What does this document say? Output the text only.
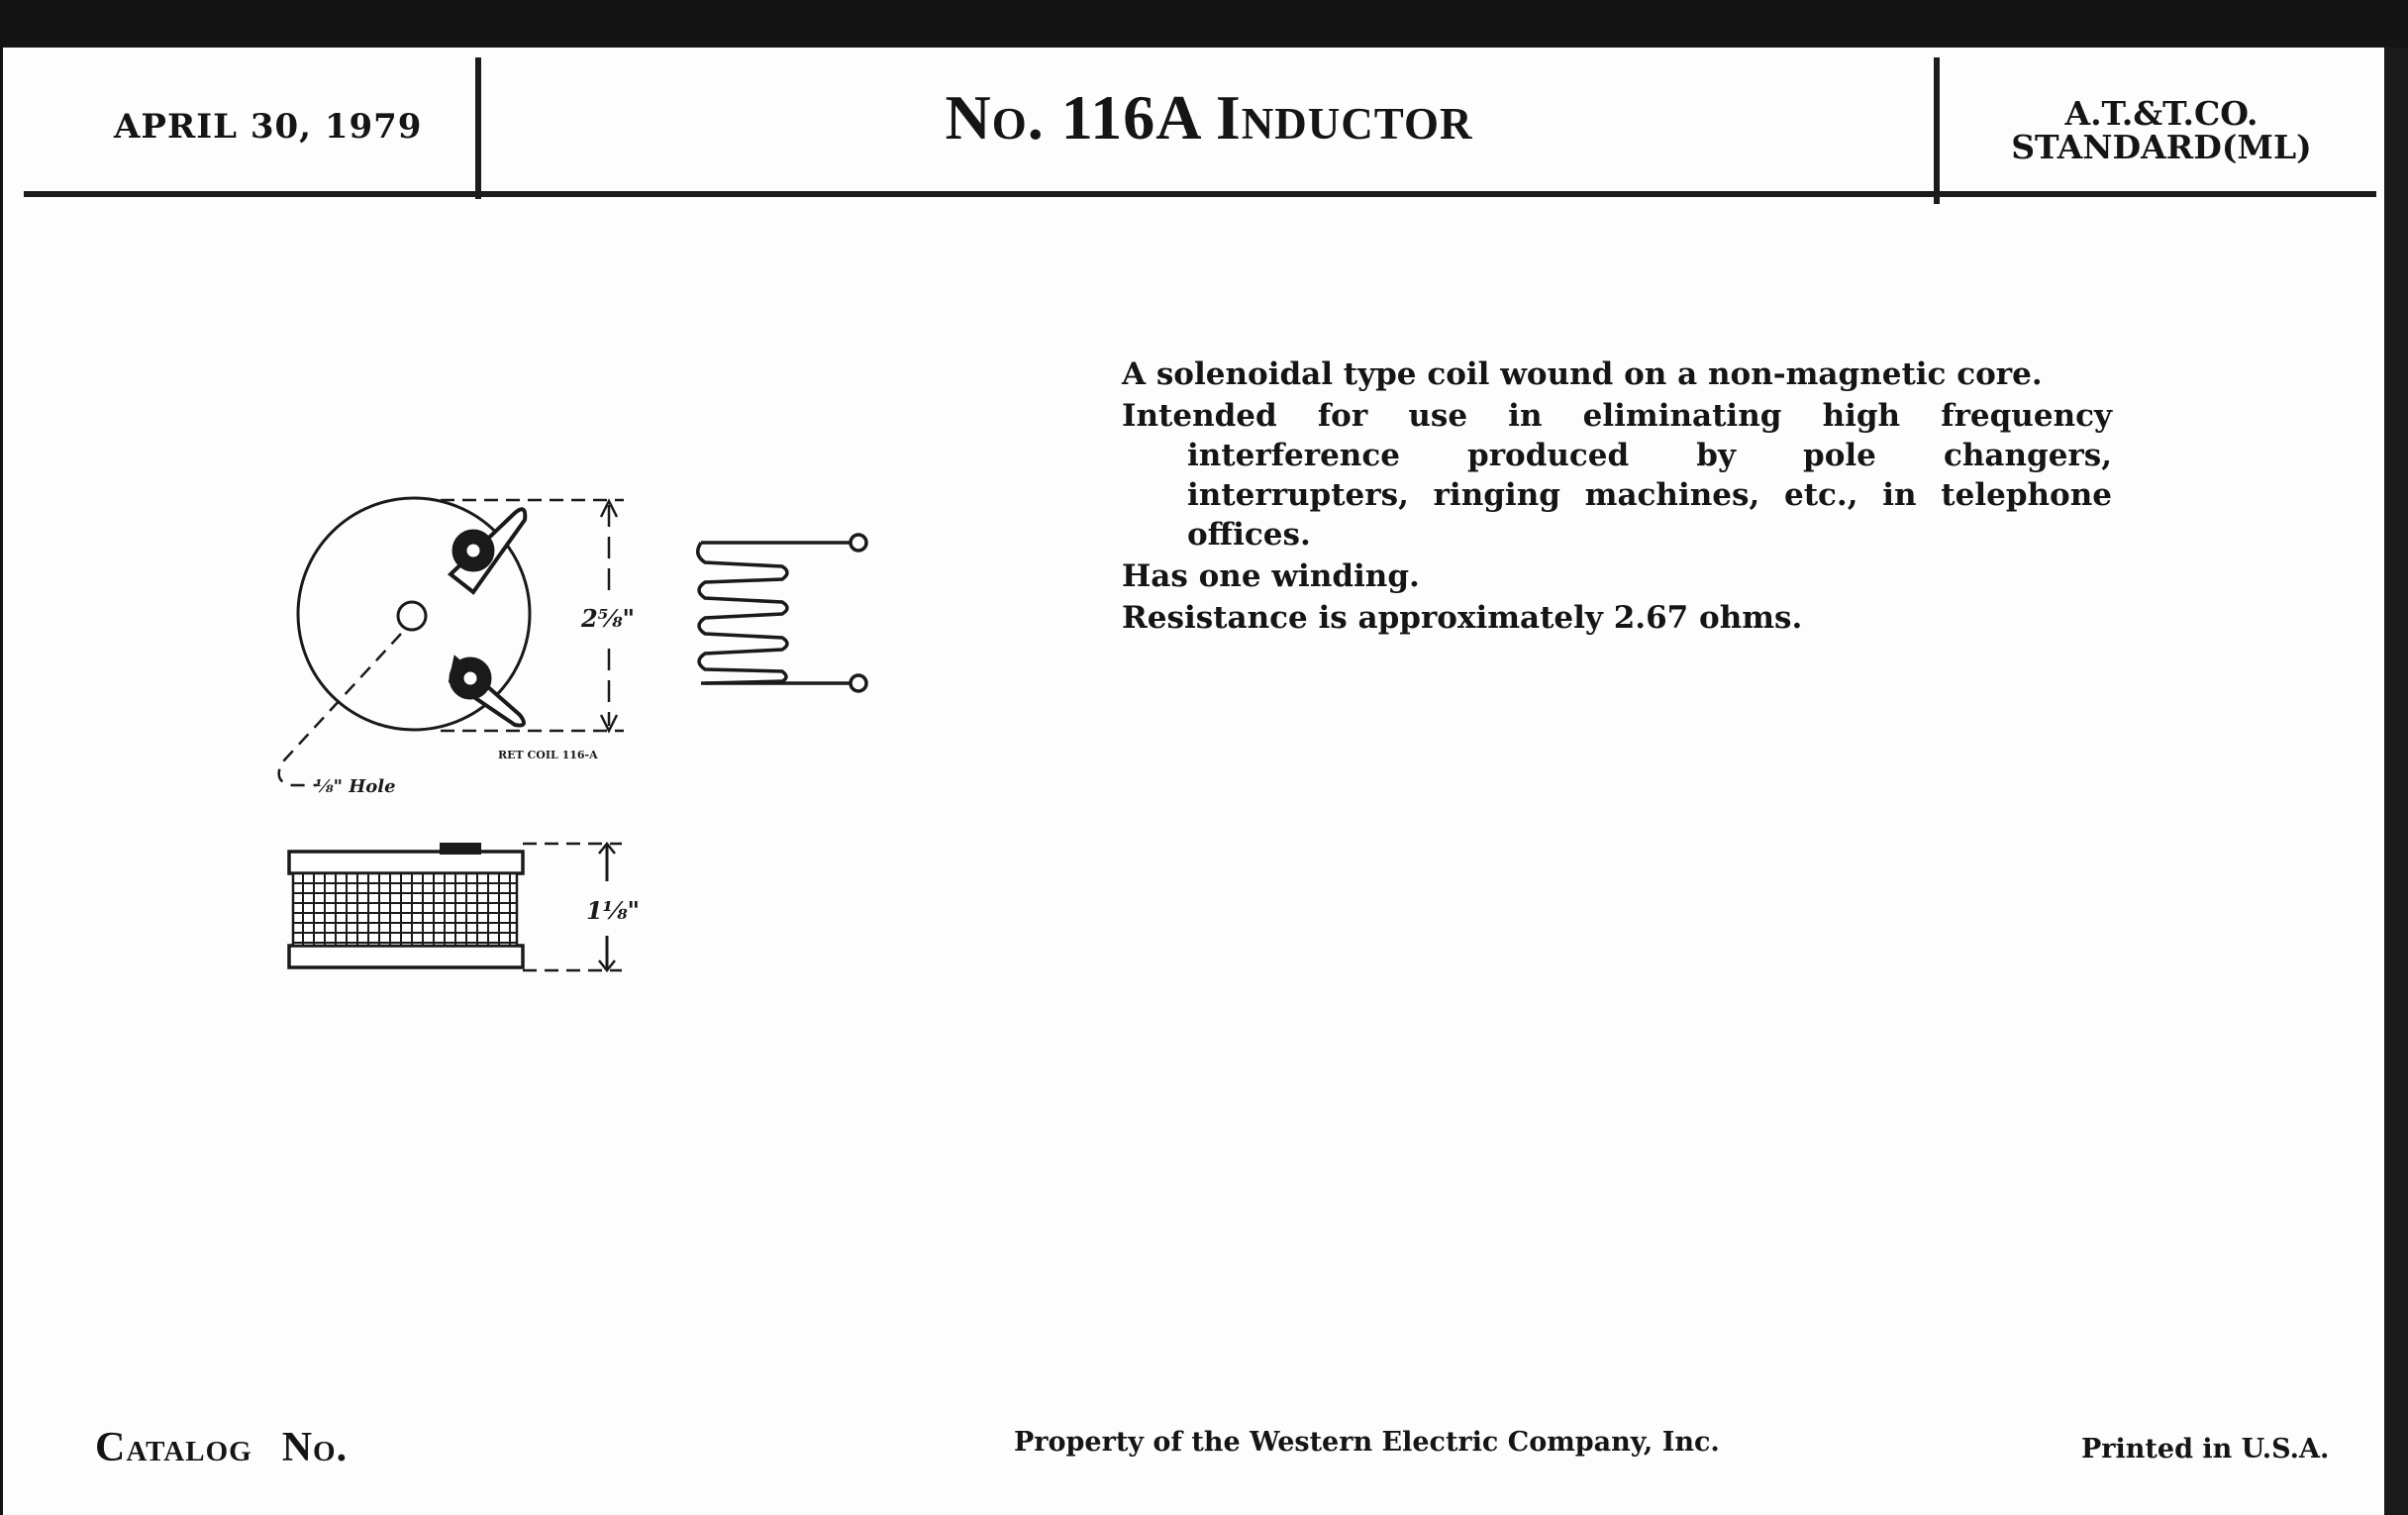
APRIL 30, 1979	No. 116A Inductor	A.T.&T.CO.
STANDARD(ML)

A solenoidal type coil wound on a non-magnetic core.

Intended for use in eliminating high frequency interference produced by pole changers, interrupters, ringing machines, etc., in telephone offices.

Has one winding.

Resistance is approximately 2.67 ohms.

2⅝"
RET COIL 116-A
⅛" Hole
1⅛"
Catalog No.	Property of the Western Electric Company, Inc.	Printed in U.S.A.
